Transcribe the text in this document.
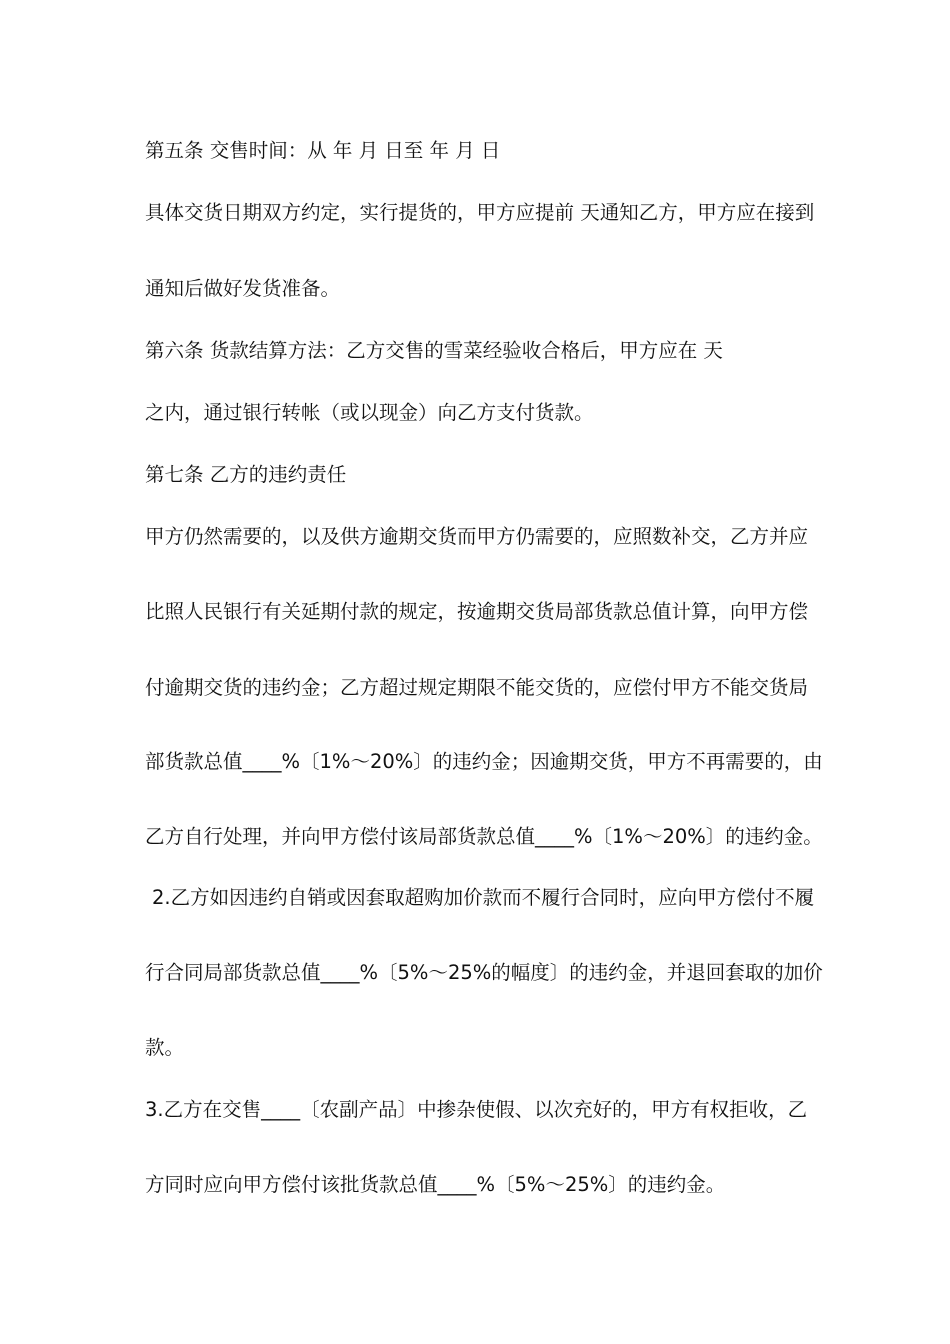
第五条 交售时间：从 年 月 日至 年 月 日

具体交货日期双方约定，实行提货的，甲方应提前 天通知乙方，甲方应在接到

通知后做好发货准备。

第六条 货款结算方法：乙方交售的雪菜经验收合格后，甲方应在 天

之内，通过银行转帐（或以现金）向乙方支付货款。

第七条 乙方的违约责任

甲方仍然需要的，以及供方逾期交货而甲方仍需要的，应照数补交，乙方并应

比照人民银行有关延期付款的规定，按逾期交货局部货款总值计算，向甲方偿

付逾期交货的违约金；乙方超过规定期限不能交货的，应偿付甲方不能交货局

部货款总值____%〔1%～20%〕的违约金；因逾期交货，甲方不再需要的，由

乙方自行处理，并向甲方偿付该局部货款总值____%〔1%～20%〕的违约金。

2.乙方如因违约自销或因套取超购加价款而不履行合同时，应向甲方偿付不履

行合同局部货款总值____%〔5%～25%的幅度〕的违约金，并退回套取的加价

款。

3.乙方在交售____〔农副产品〕中掺杂使假、以次充好的，甲方有权拒收，乙

方同时应向甲方偿付该批货款总值____%〔5%～25%〕的违约金。
